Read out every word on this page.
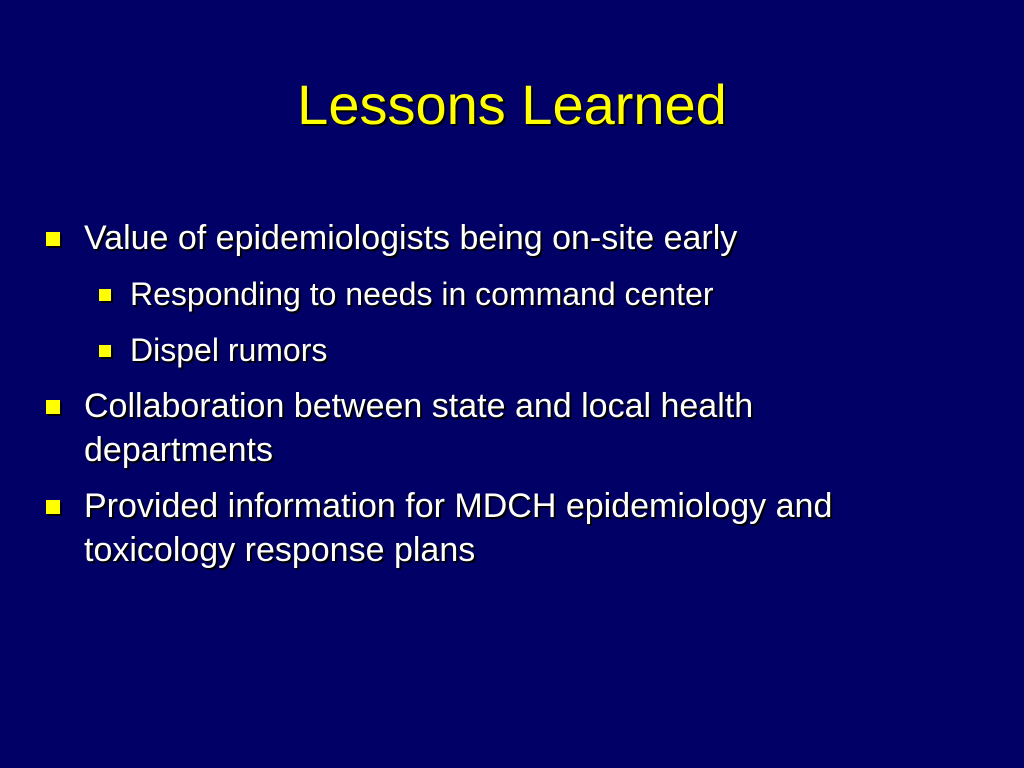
Lessons Learned
Value of epidemiologists being on-site early
Responding to needs in command center
Dispel rumors
Collaboration between state and local health departments
Provided information for MDCH epidemiology and toxicology response plans
